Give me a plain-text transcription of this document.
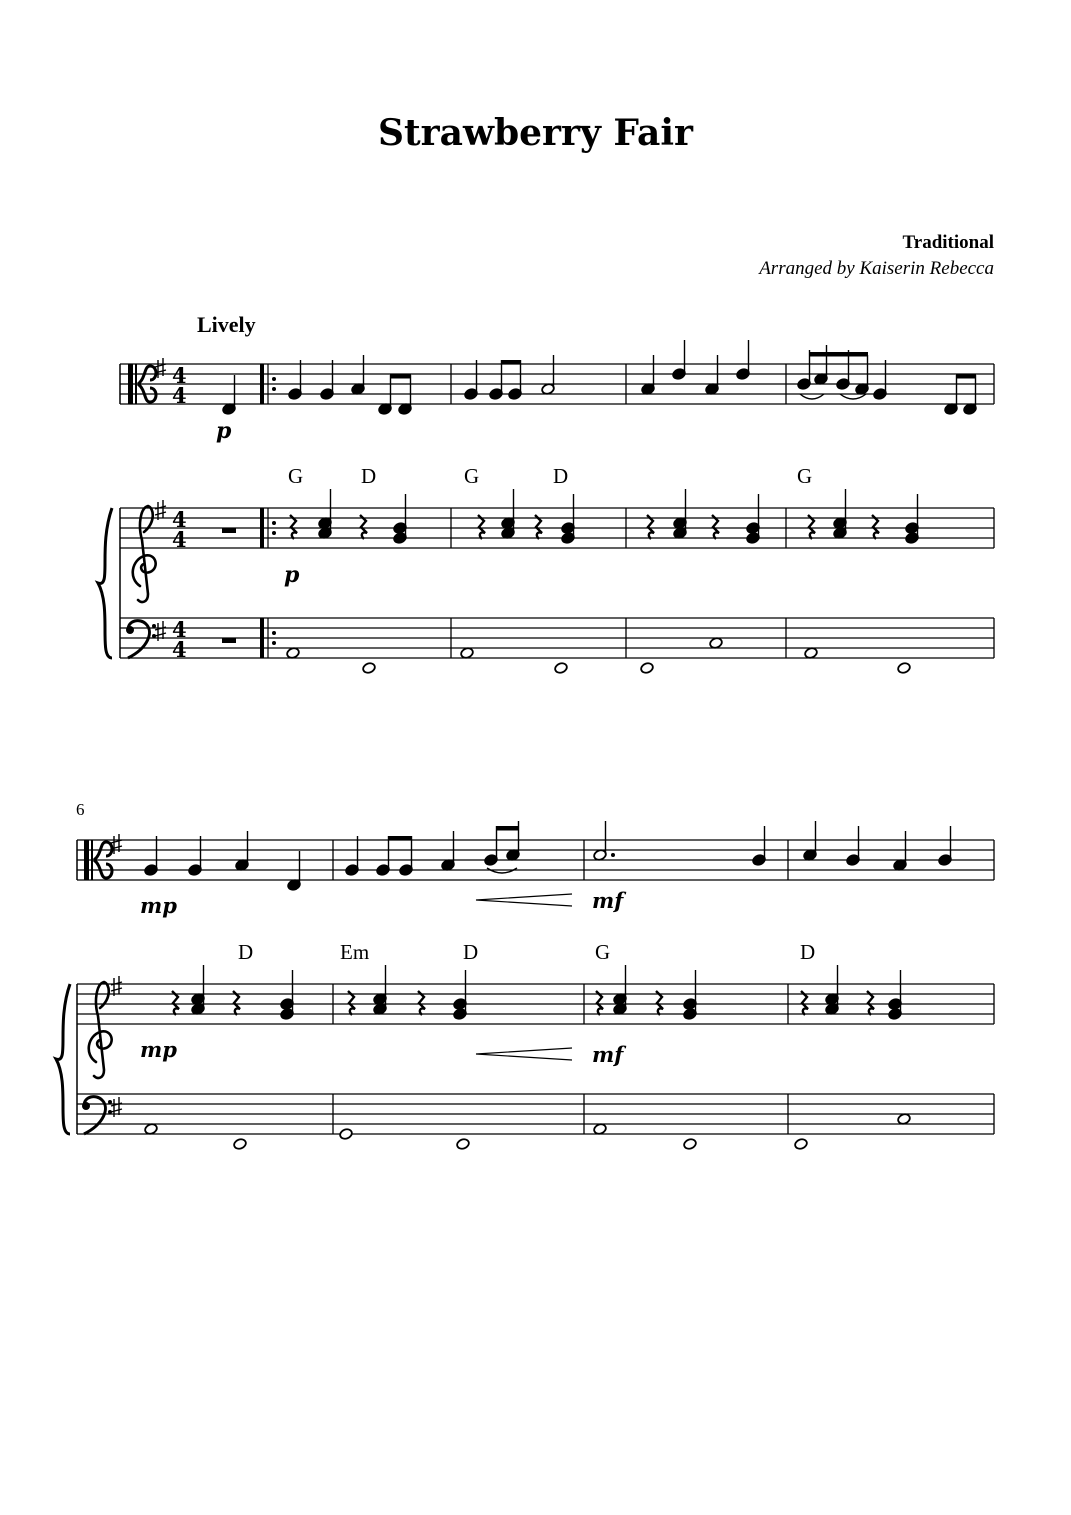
Strawberry Fair
Traditional
Arranged by Kaiserin Rebecca
Lively
6
4
4
4
4
4
4
G	D	G	D	G
p
p
D	Em	D	G	D
mp	mf
mp	mf
